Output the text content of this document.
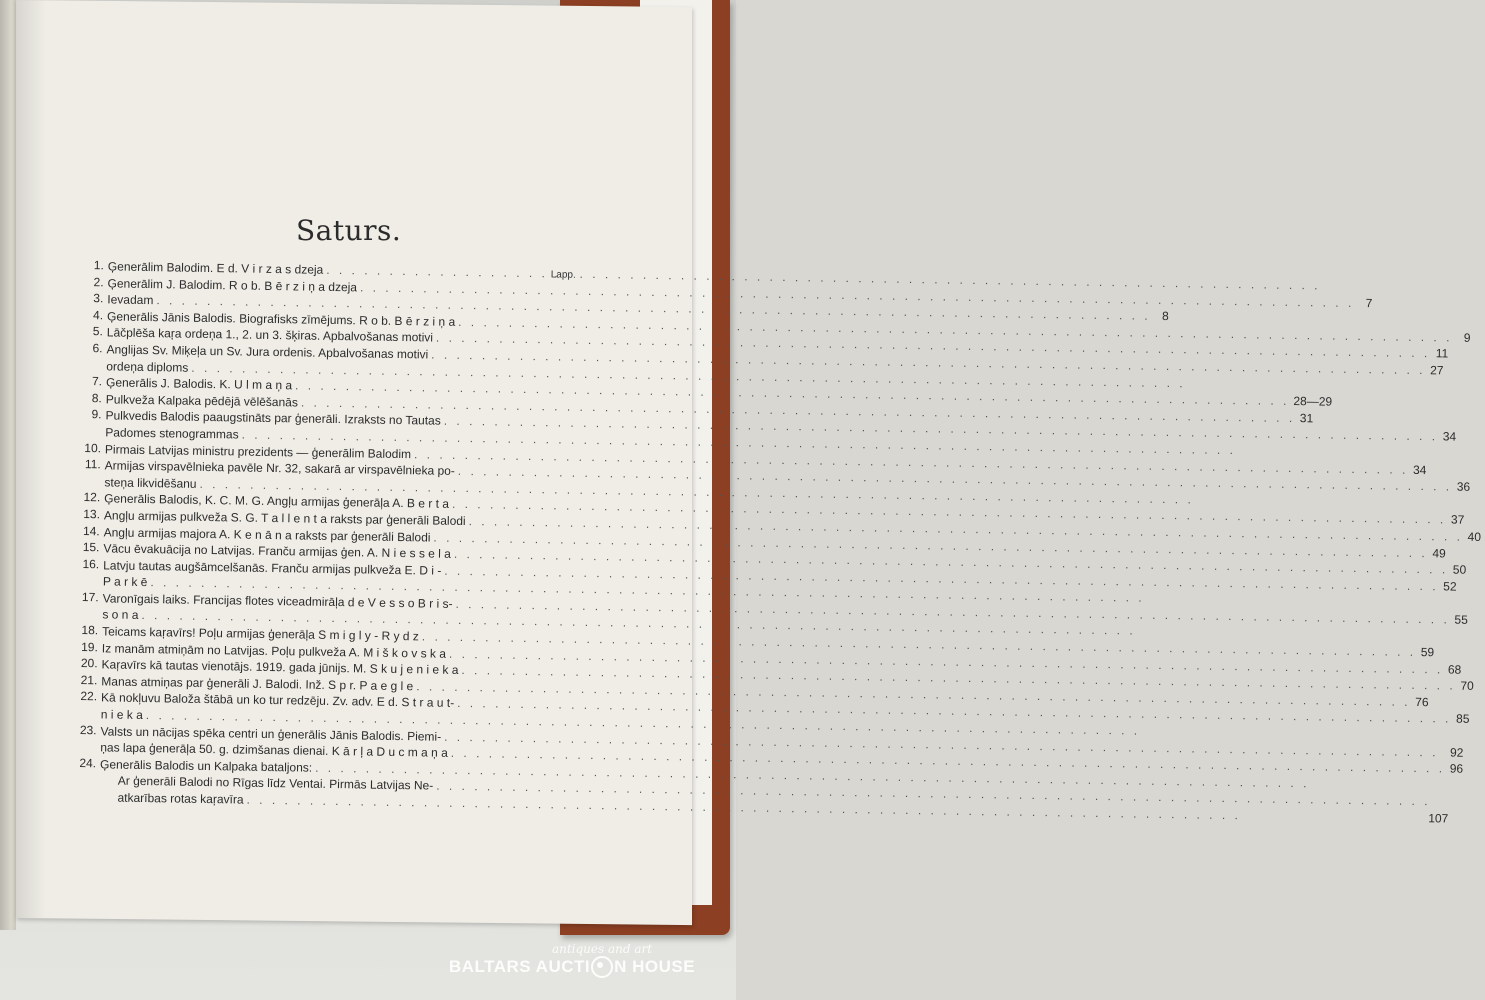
Saturs.
Lapp.
1. Ģenerālim Balodim. E d. V i r z a s dzeja
. . .
2. Ģenerālim J. Balodim. R o b. B ē r z i ņ a dzeja
. . .
7
3. Ievadam
. . .
8
4. Ģenerālis Jānis Balodis. Biografisks zīmējums. R o b. B ē r z i ņ a
. . .
9
5. Lāčplēša kaŗa ordeņa 1., 2. un 3. šķiras. Apbalvošanas motivi
. . .
11
6. Anglijas Sv. Miķeļa un Sv. Jura ordenis. Apbalvošanas motivi
. . .
27
ordeņa diploms
. . .
7. Ģenerālis J. Balodis. K. U l m a ņ a
. . .
28—29
8. Pulkveža Kalpaka pēdējā vēlēšanās
. . .
31
9. Pulkvedis Balodis paaugstināts par ģenerāli. Izraksts no Tautas
. . .
34
Padomes stenogrammas
. . .
10. Pirmais Latvijas ministru prezidents — ģenerālim Balodim
. . .
34
11. Armijas virspavēlnieka pavēle Nr. 32, sakarā ar virspavēlnieka po-
. . .
36
steņa likvidēšanu
. . .
12. Ģenerālis Balodis, K. C. M. G. Angļu armijas ģenerāļa A. B e r t a
. . .
37
13. Angļu armijas pulkveža S. G. T a l l e n t a raksts par ģenerāli Balodi
. . .
40
14. Angļu armijas majora A. K e n ā n a raksts par ģenerāli Balodi
. . .
49
15. Vācu ēvakuācija no Latvijas. Franču armijas ģen. A. N i e s s e l a
. . .
50
16. Latvju tautas augšāmcelšanās. Franču armijas pulkveža E. D i -
. . .
52
P a r k ē
. . .
17. Varonīgais laiks. Francijas flotes viceadmirāļa d e V e s s o B r i s-
. . .
55
s o n a
. . .
18. Teicams kaŗavīrs! Poļu armijas ģenerāļa S m i g l y - R y d z
. . .
59
19. Iz manām atmiņām no Latvijas. Poļu pulkveža A. M i š k o v s k a
. . .
68
20. Kaŗavīrs kā tautas vienotājs. 1919. gada jūnijs. M. S k u j e n i e k a
. . .
70
21. Manas atmiņas par ģenerāli J. Balodi. Inž. S p r. P a e g l e
. . .
76
22. Kā nokļuvu Baloža štābā un ko tur redzēju. Zv. adv. E d. S t r a u t-
. . .
85
n i e k a
. . .
23. Valsts un nācijas spēka centri un ģenerālis Jānis Balodis. Piemi-
. . .
92
ņas lapa ģenerāļa 50. g. dzimšanas dienai. K ā r ļ a D u c m a ņ a
. . .
96
24. Ģenerālis Balodis un Kalpaka bataljons:
. . .
Ar ģenerāli Balodi no Rīgas līdz Ventai. Pirmās Latvijas Ne-
. . .
atkarības rotas kaŗavīra
. . .
107
antiques and art
BALTARS AUCTI N HOUSE
